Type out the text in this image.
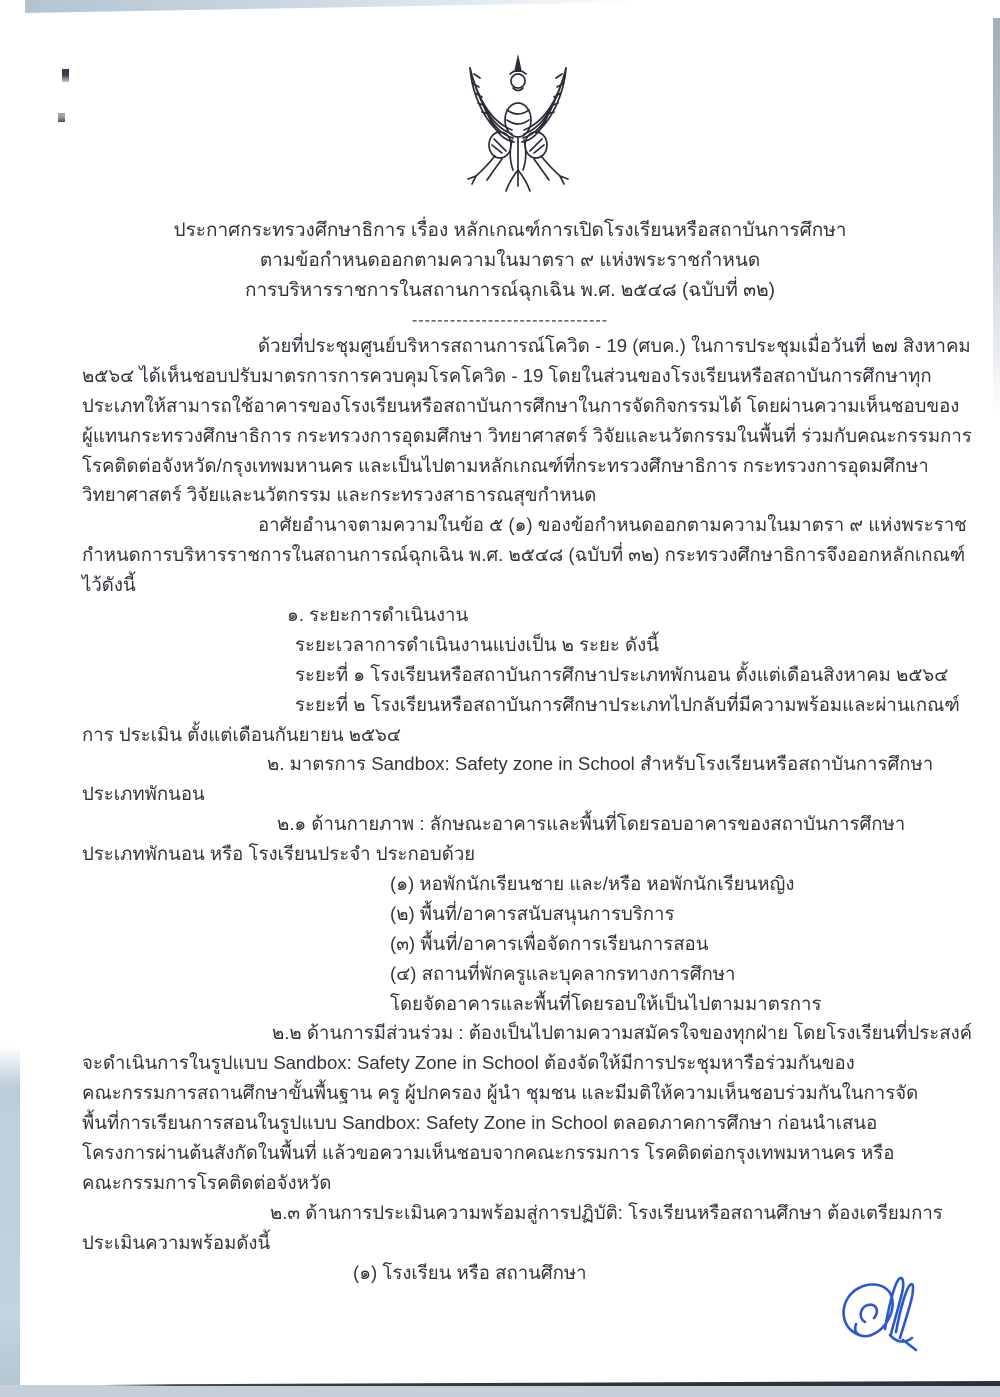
ประกาศกระทรวงศึกษาธิการ เรื่อง หลักเกณฑ์การเปิดโรงเรียนหรือสถาบันการศึกษา
ตามข้อกำหนดออกตามความในมาตรา ๙ แห่งพระราชกำหนด
การบริหารราชการในสถานการณ์ฉุกเฉิน พ.ศ. ๒๕๔๘ (ฉบับที่ ๓๒)
-------------------------------
ด้วยที่ประชุมศูนย์บริหารสถานการณ์โควิด - 19 (ศบค.) ในการประชุมเมื่อวันที่ ๒๗ สิงหาคม
๒๕๖๔ ได้เห็นชอบปรับมาตรการการควบคุมโรคโควิด - 19 โดยในส่วนของโรงเรียนหรือสถาบันการศึกษาทุก
ประเภทให้สามารถใช้อาคารของโรงเรียนหรือสถาบันการศึกษาในการจัดกิจกรรมได้ โดยผ่านความเห็นชอบของ
ผู้แทนกระทรวงศึกษาธิการ กระทรวงการอุดมศึกษา วิทยาศาสตร์ วิจัยและนวัตกรรมในพื้นที่ ร่วมกับคณะกรรมการ
โรคติดต่อจังหวัด/กรุงเทพมหานคร และเป็นไปตามหลักเกณฑ์ที่กระทรวงศึกษาธิการ กระทรวงการอุดมศึกษา
วิทยาศาสตร์ วิจัยและนวัตกรรม และกระทรวงสาธารณสุขกำหนด
อาศัยอำนาจตามความในข้อ ๕ (๑) ของข้อกำหนดออกตามความในมาตรา ๙ แห่งพระราช
กำหนดการบริหารราชการในสถานการณ์ฉุกเฉิน พ.ศ. ๒๕๔๘ (ฉบับที่ ๓๒) กระทรวงศึกษาธิการจึงออกหลักเกณฑ์
ไว้ดังนี้
๑. ระยะการดำเนินงาน
ระยะเวลาการดำเนินงานแบ่งเป็น ๒ ระยะ ดังนี้
ระยะที่ ๑ โรงเรียนหรือสถาบันการศึกษาประเภทพักนอน ตั้งแต่เดือนสิงหาคม ๒๕๖๔
ระยะที่ ๒ โรงเรียนหรือสถาบันการศึกษาประเภทไปกลับที่มีความพร้อมและผ่านเกณฑ์
การ ประเมิน ตั้งแต่เดือนกันยายน ๒๕๖๔
๒. มาตรการ Sandbox: Safety zone in School สำหรับโรงเรียนหรือสถาบันการศึกษา
ประเภทพักนอน
๒.๑ ด้านกายภาพ : ลักษณะอาคารและพื้นที่โดยรอบอาคารของสถาบันการศึกษา
ประเภทพักนอน หรือ โรงเรียนประจำ ประกอบด้วย
(๑) หอพักนักเรียนชาย และ/หรือ หอพักนักเรียนหญิง
(๒) พื้นที่/อาคารสนับสนุนการบริการ
(๓) พื้นที่/อาคารเพื่อจัดการเรียนการสอน
(๔) สถานที่พักครูและบุคลากรทางการศึกษา
โดยจัดอาคารและพื้นที่โดยรอบให้เป็นไปตามมาตรการ
๒.๒ ด้านการมีส่วนร่วม : ต้องเป็นไปตามความสมัครใจของทุกฝ่าย โดยโรงเรียนที่ประสงค์
จะดำเนินการในรูปแบบ Sandbox: Safety Zone in School ต้องจัดให้มีการประชุมหารือร่วมกันของ
คณะกรรมการสถานศึกษาขั้นพื้นฐาน ครู ผู้ปกครอง ผู้นำ ชุมชน และมีมติให้ความเห็นชอบร่วมกันในการจัด
พื้นที่การเรียนการสอนในรูปแบบ Sandbox: Safety Zone in School ตลอดภาคการศึกษา ก่อนนำเสนอ
โครงการผ่านต้นสังกัดในพื้นที่ แล้วขอความเห็นชอบจากคณะกรรมการ โรคติดต่อกรุงเทพมหานคร หรือ
คณะกรรมการโรคติดต่อจังหวัด
๒.๓ ด้านการประเมินความพร้อมสู่การปฏิบัติ: โรงเรียนหรือสถานศึกษา ต้องเตรียมการ
ประเมินความพร้อมดังนี้
(๑) โรงเรียน หรือ สถานศึกษา
